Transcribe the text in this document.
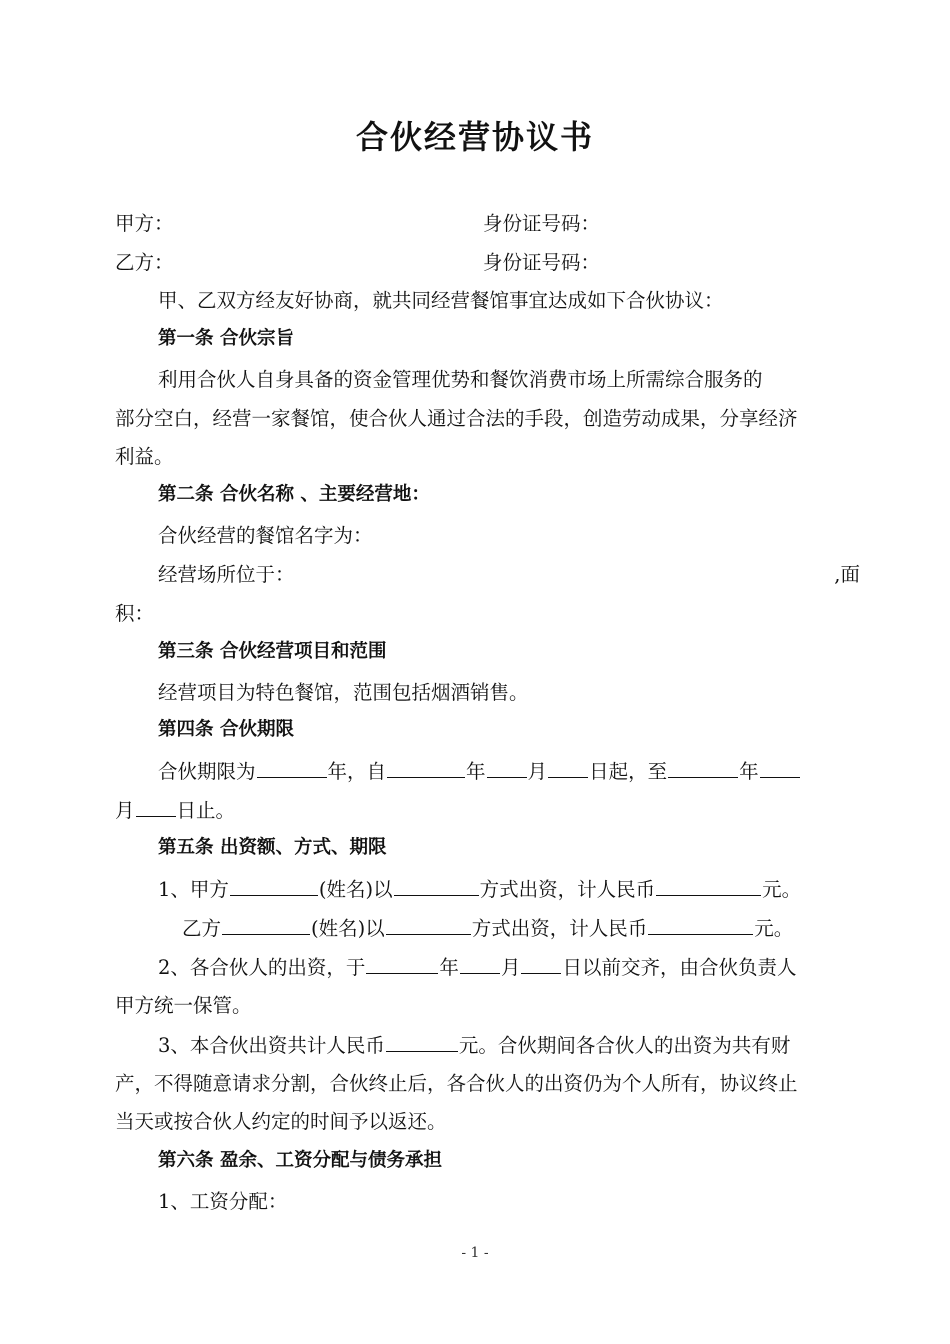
合伙经营协议书
甲方：	身份证号码：
乙方：	身份证号码：
甲、乙双方经友好协商，就共同经营餐馆事宜达成如下合伙协议：
第一条 合伙宗旨
利用合伙人自身具备的资金管理优势和餐饮消费市场上所需综合服务的
部分空白，经营一家餐馆，使合伙人通过合法的手段，创造劳动成果，分享经济
利益。
第二条 合伙名称 、主要经营地：
合伙经营的餐馆名字为：
经营场所位于：	,面
积：
第三条 合伙经营项目和范围
经营项目为特色餐馆，范围包括烟酒销售。
第四条 合伙期限
合伙期限为	年，自	年 月 日起，至	年
月 日止。
第五条 出资额、方式、期限
1、甲方	(姓名)以	方式出资，计人民币	元。
乙方	(姓名)以	方式出资，计人民币	元。
2、各合伙人的出资，于	年 月 日以前交齐，由合伙负责人
甲方统一保管。
3、本合伙出资共计人民币	元。合伙期间各合伙人的出资为共有财
产，不得随意请求分割，合伙终止后，各合伙人的出资仍为个人所有，协议终止
当天或按合伙人约定的时间予以返还。
第六条 盈余、工资分配与债务承担
1、工资分配：
- 1 -
